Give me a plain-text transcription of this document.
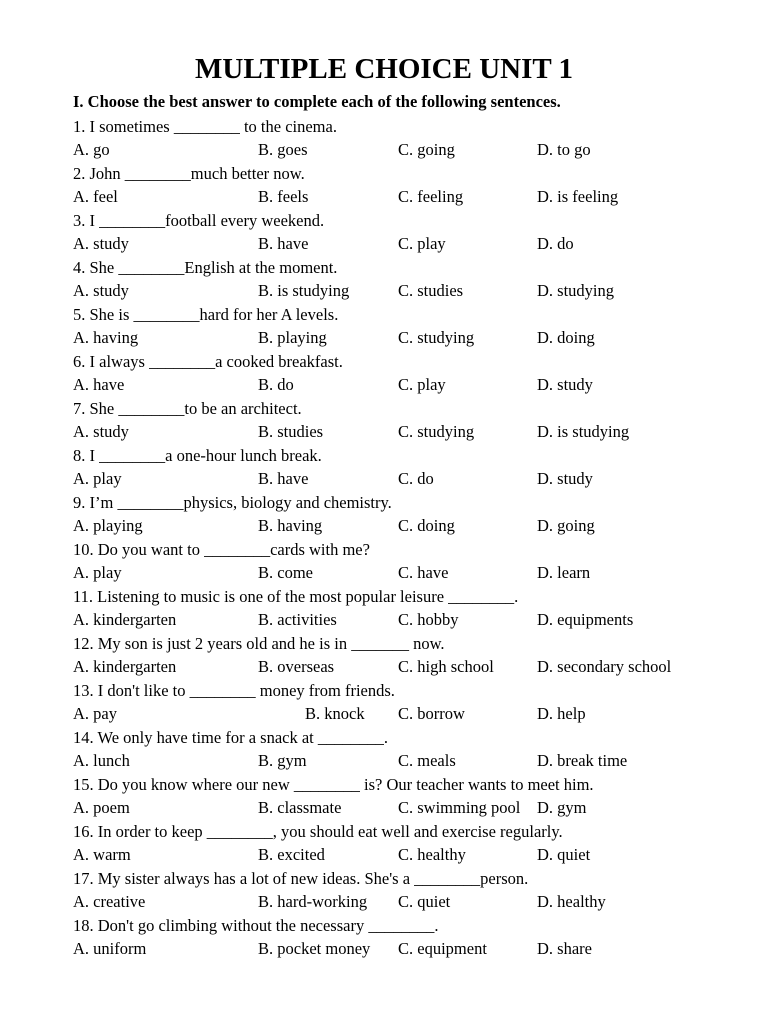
MULTIPLE CHOICE UNIT 1
I. Choose the best answer to complete each of the following sentences.
1. I sometimes ________ to the cinema.
A. go	B. goes	C. going	D. to go
2. John ________much better now.
A. feel	B. feels	C. feeling	D. is feeling
3. I ________football every weekend.
A. study	B. have	C. play	D. do
4. She ________English at the moment.
A. study	B. is studying	C. studies	D. studying
5. She is ________hard for her A levels.
A. having	B. playing	C. studying	D. doing
6. I always ________a cooked breakfast.
A. have	B. do	C. play	D. study
7. She ________to be an architect.
A. study	B. studies	C. studying	D. is studying
8. I ________a one-hour lunch break.
A. play	B. have	C. do	D. study
9. I’m ________physics, biology and chemistry.
A. playing	B. having	C. doing	D. going
10. Do you want to ________cards with me?
A. play	B. come	C. have	D. learn
11. Listening to music is one of the most popular leisure ________.
A. kindergarten	B. activities	C. hobby	D. equipments
12. My son is just 2 years old and he is in _______ now.
A. kindergarten	B. overseas	C. high school	D. secondary school
13. I don't like to ________ money from friends.
A. pay	B. knock C. borrow	D. help
14. We only have time for a snack at ________.
A. lunch	B. gym	C. meals	D. break time
15. Do you know where our new ________ is? Our teacher wants to meet him.
A. poem	B. classmate	C. swimming pool D. gym
16. In order to keep ________, you should eat well and exercise regularly.
A. warm	B. excited	C. healthy	D. quiet
17. My sister always has a lot of new ideas. She's a ________person.
A. creative	B. hard-working C. quiet	D. healthy
18. Don't go climbing without the necessary ________.
A. uniform	B. pocket money C. equipment	D. share
